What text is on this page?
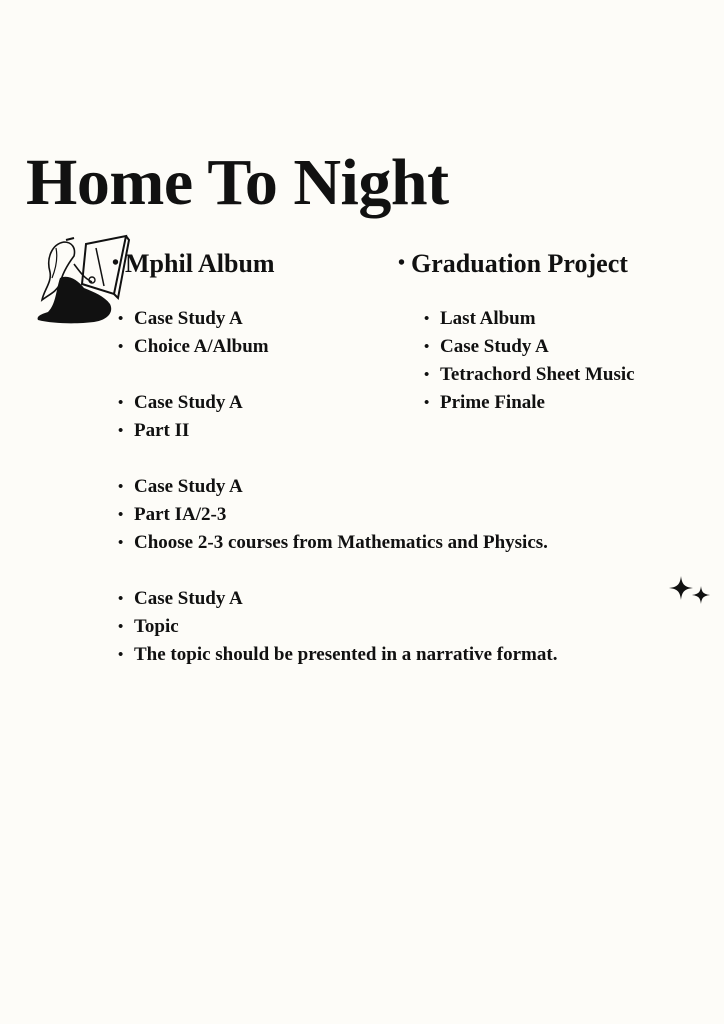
Home To Night
• Mphil Album
• Case Study A
• Choice A/Album
• Case Study A
• Part II
• Case Study A
• Part IA/2-3
• Choose 2-3 courses from Mathematics and Physics.
• Case Study A
• Topic
• The topic should be presented in a narrative format.
• Graduation Project
• Last Album
• Case Study A
• Tetrachord Sheet Music
• Prime Finale
